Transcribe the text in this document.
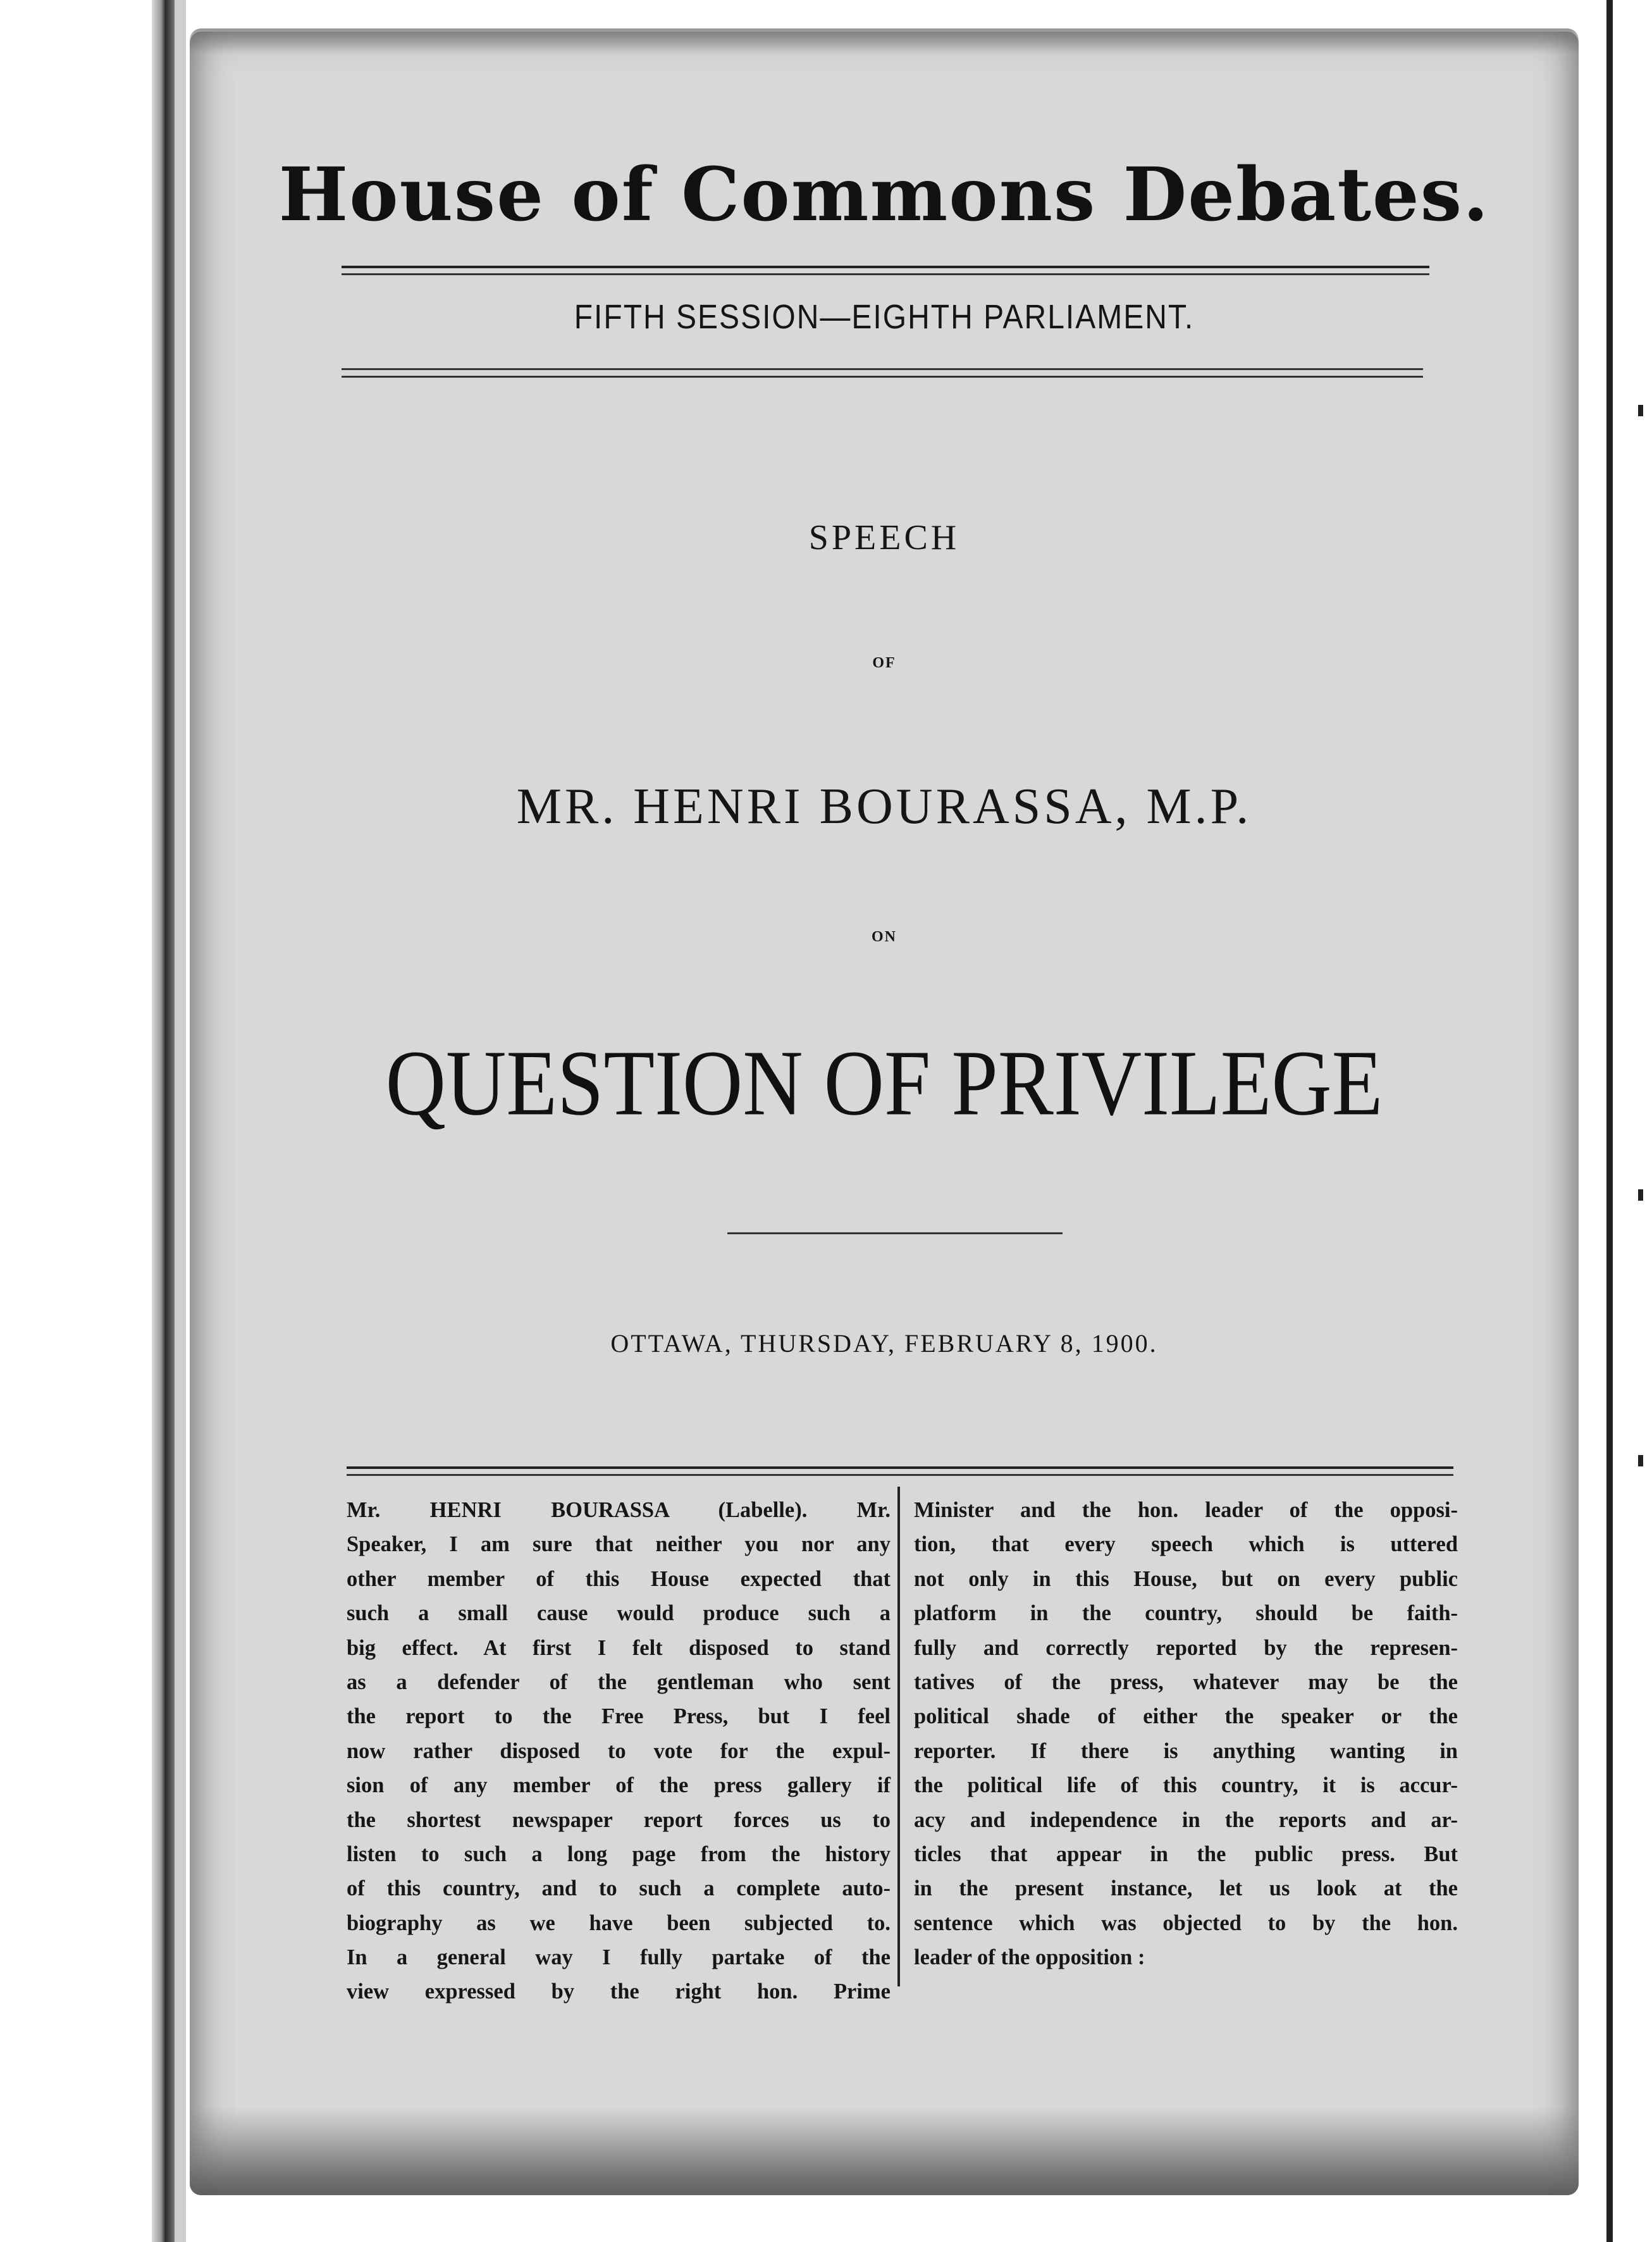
House of Commons Debates.
FIFTH SESSION—EIGHTH PARLIAMENT.
SPEECH
OF
MR. HENRI BOURASSA, M.P.
ON
QUESTION OF PRIVILEGE
OTTAWA, THURSDAY, FEBRUARY 8, 1900.
Mr. HENRI BOURASSA (Labelle). Mr.
Speaker, I am sure that neither you nor any
other member of this House expected that
such a small cause would produce such a
big effect. At first I felt disposed to stand
as a defender of the gentleman who sent
the report to the Free Press, but I feel
now rather disposed to vote for the expul-
sion of any member of the press gallery if
the shortest newspaper report forces us to
listen to such a long page from the history
of this country, and to such a complete auto-
biography as we have been subjected to.
In a general way I fully partake of the
view expressed by the right hon. Prime
Minister and the hon. leader of the opposi-
tion, that every speech which is uttered
not only in this House, but on every public
platform in the country, should be faith-
fully and correctly reported by the represen-
tatives of the press, whatever may be the
political shade of either the speaker or the
reporter. If there is anything wanting in
the political life of this country, it is accur-
acy and independence in the reports and ar-
ticles that appear in the public press. But
in the present instance, let us look at the
sentence which was objected to by the hon.
leader of the opposition :
